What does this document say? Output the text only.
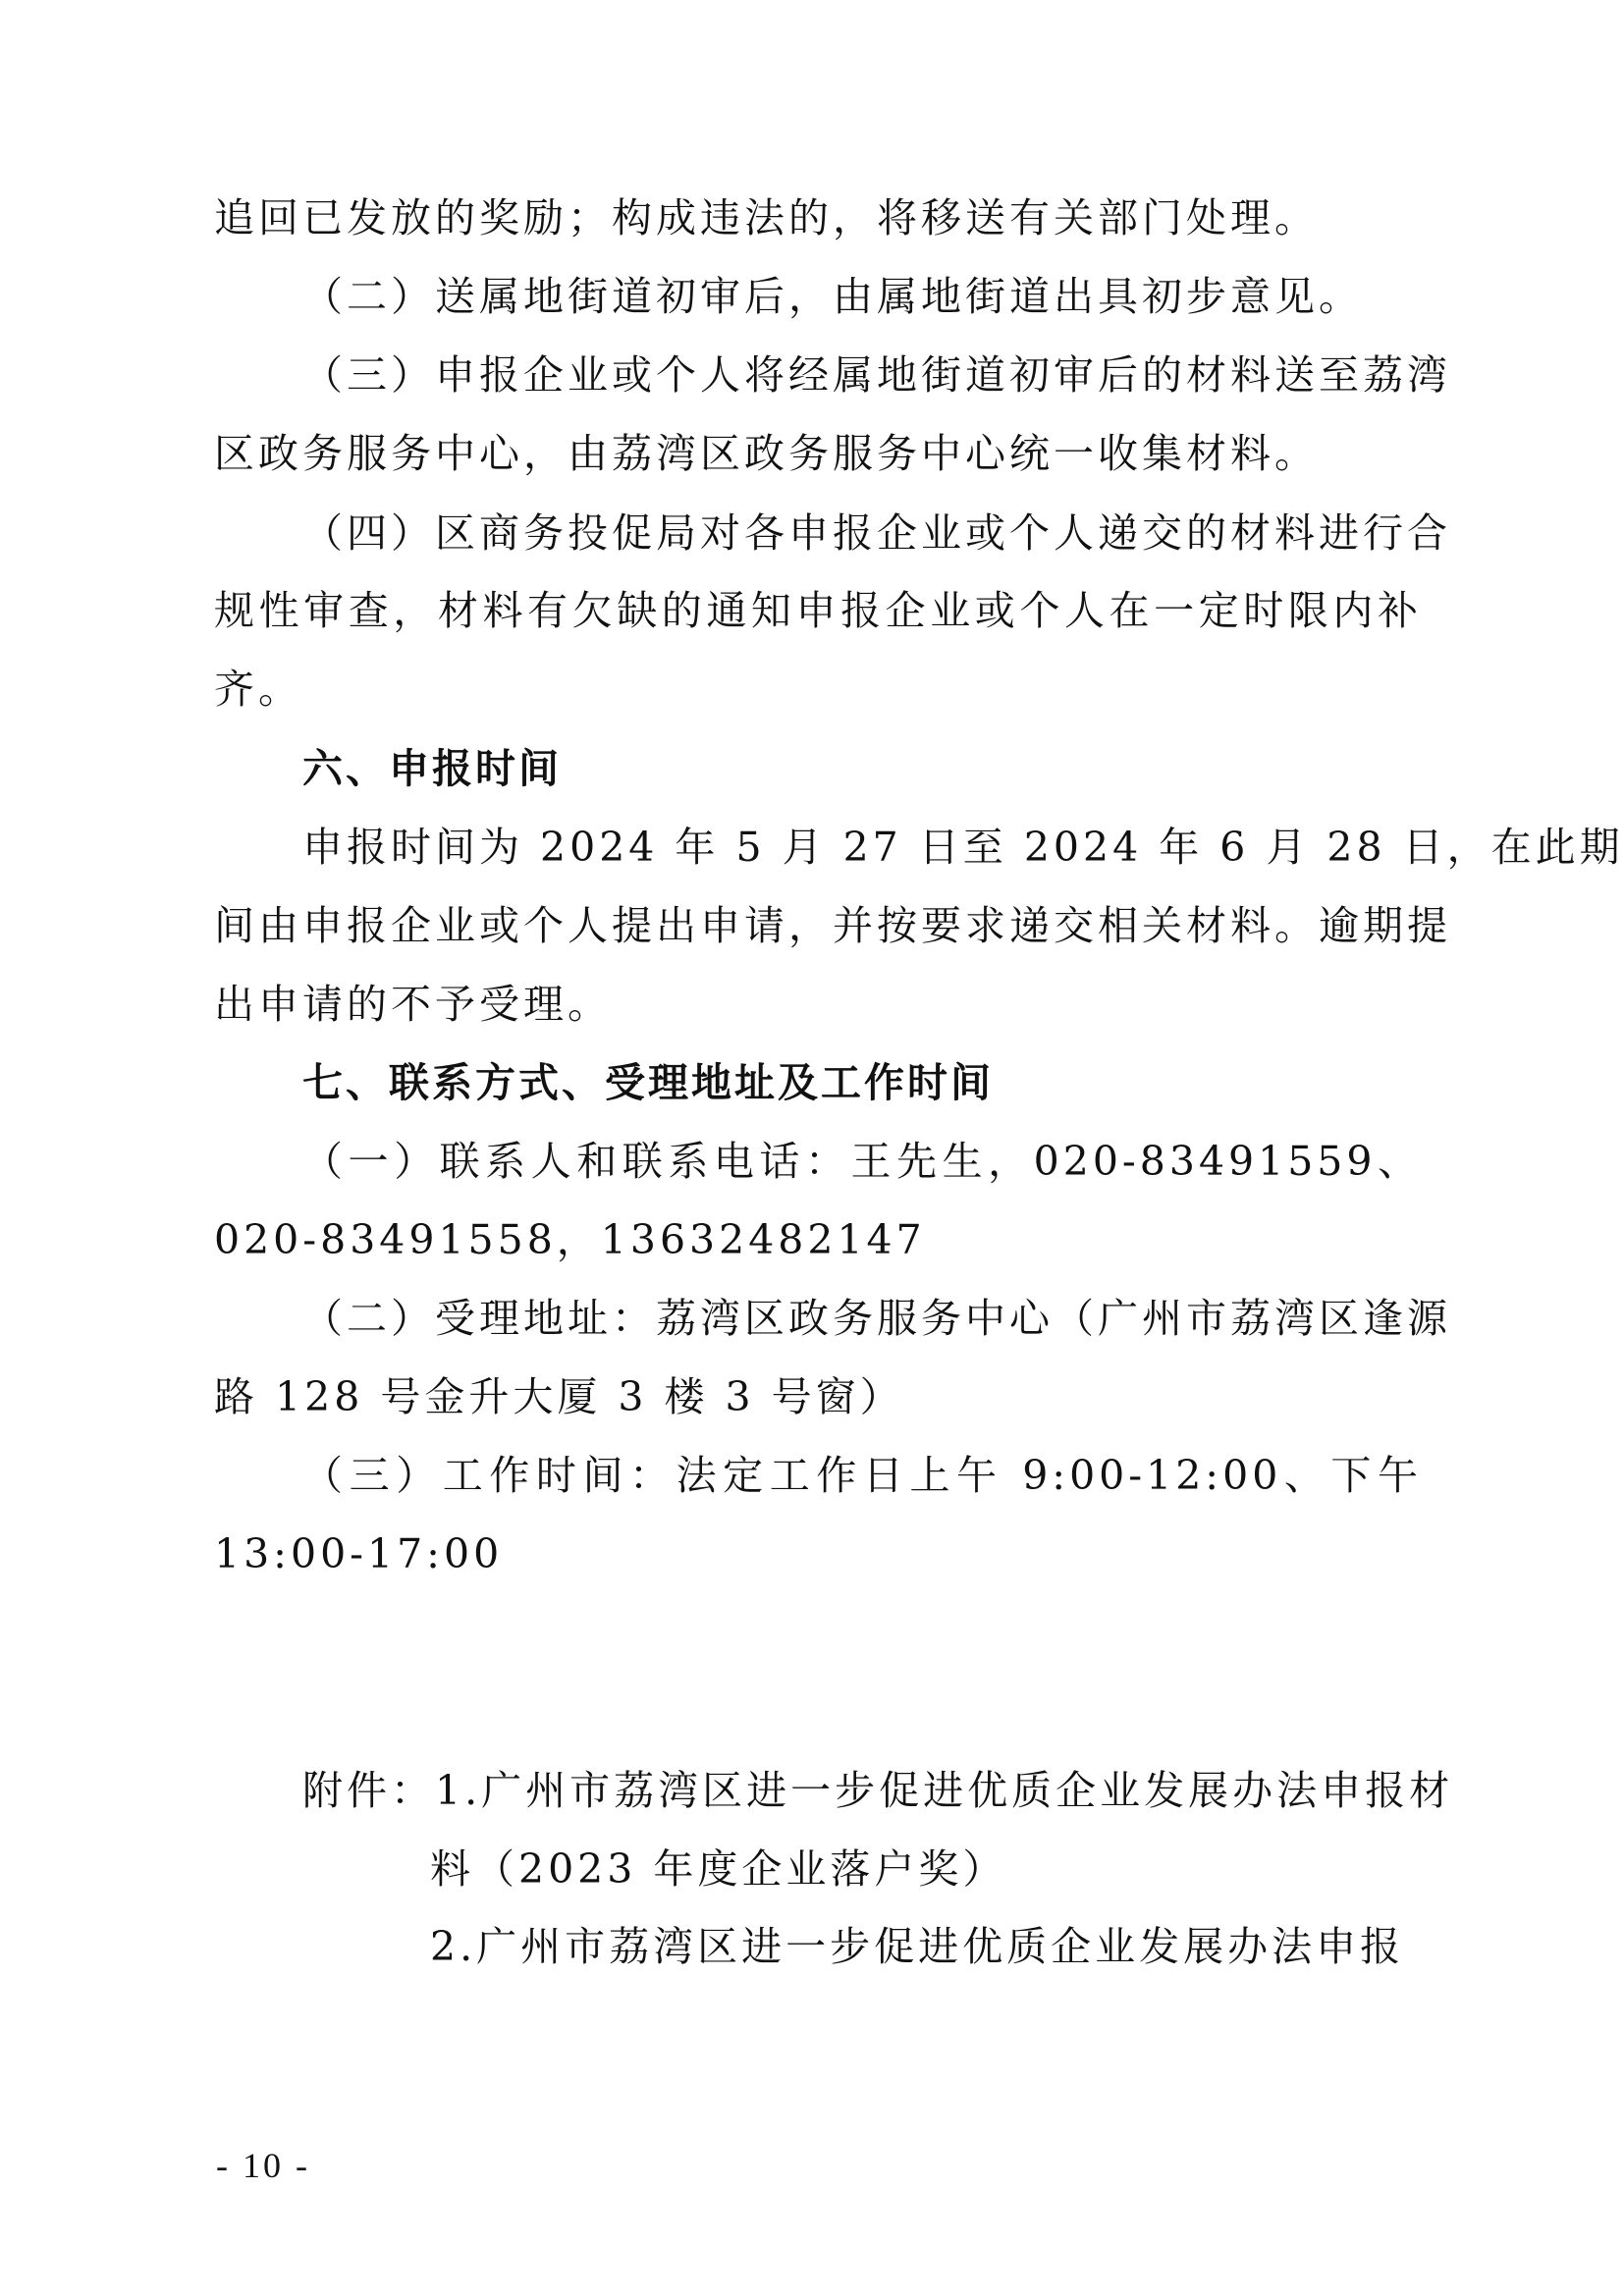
追回已发放的奖励；构成违法的，将移送有关部门处理。
（二）送属地街道初审后，由属地街道出具初步意见。
（三）申报企业或个人将经属地街道初审后的材料送至荔湾
区政务服务中心，由荔湾区政务服务中心统一收集材料。
（四）区商务投促局对各申报企业或个人递交的材料进行合
规性审查，材料有欠缺的通知申报企业或个人在一定时限内补
齐。
六、申报时间
申报时间为 2024 年 5 月 27 日至 2024 年 6 月 28 日，在此期
间由申报企业或个人提出申请，并按要求递交相关材料。逾期提
出申请的不予受理。
七、联系方式、受理地址及工作时间
（一）联系人和联系电话：王先生，020-83491559、
020-83491558，13632482147
（二）受理地址：荔湾区政务服务中心（广州市荔湾区逢源
路 128 号金升大厦 3 楼 3 号窗）
（三）工作时间：法定工作日上午 9:00-12:00、下午
13:00-17:00
附件：1.广州市荔湾区进一步促进优质企业发展办法申报材
料（2023 年度企业落户奖）
2.广州市荔湾区进一步促进优质企业发展办法申报
- 10 -
